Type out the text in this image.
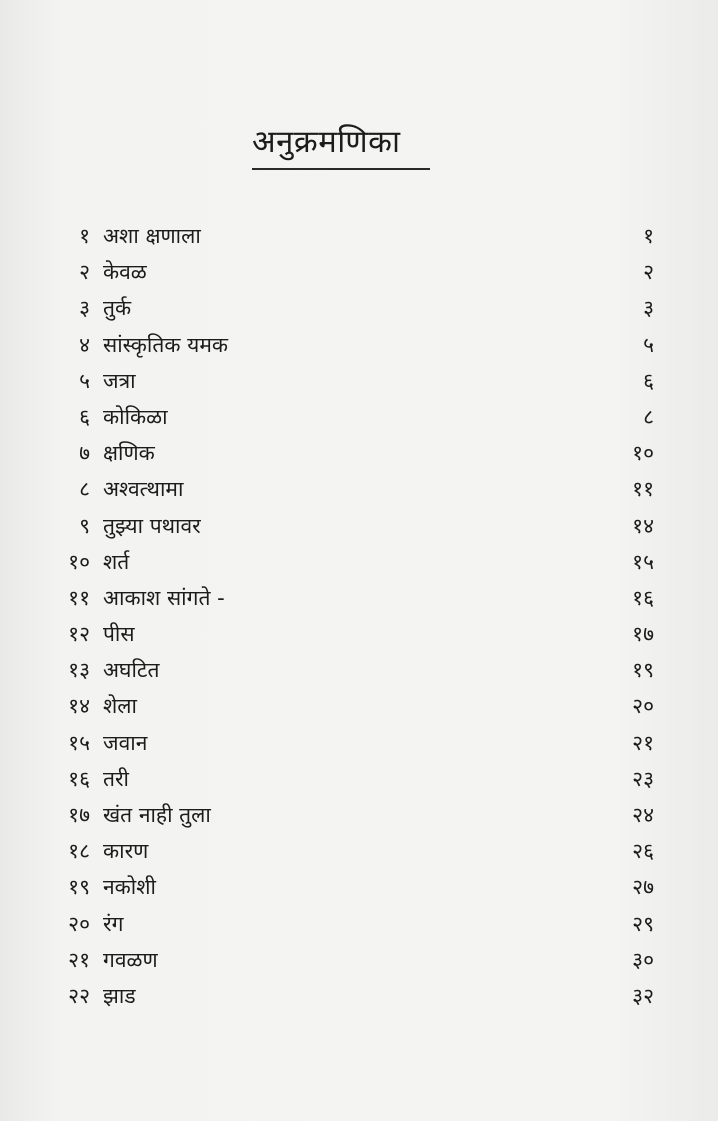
अनुक्रमणिका
१ अशा क्षणाला	१
२ केवळ	२
३ तुर्क	३
४ सांस्कृतिक यमक	५
५ जत्रा	६
६ कोकिळा	८
७ क्षणिक	१०
८ अश्वत्थामा	११
९ तुझ्या पथावर	१४
१० शर्त	१५
११ आकाश सांगते -	१६
१२ पीस	१७
१३ अघटित	१९
१४ शेला	२०
१५ जवान	२१
१६ तरी	२३
१७ खंत नाही तुला	२४
१८ कारण	२६
१९ नकोशी	२७
२० रंग	२९
२१ गवळण	३०
२२ झाड	३२
